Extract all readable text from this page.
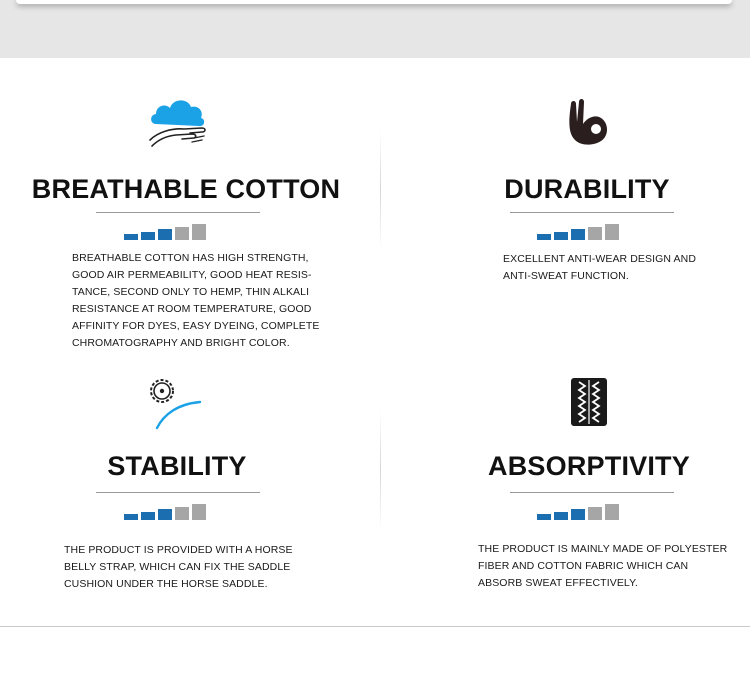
BREATHABLE COTTON
BREATHABLE COTTON HAS HIGH STRENGTH,
GOOD AIR PERMEABILITY, GOOD HEAT RESIS-
TANCE, SECOND ONLY TO HEMP, THIN ALKALI
RESISTANCE AT ROOM TEMPERATURE, GOOD
AFFINITY FOR DYES, EASY DYEING, COMPLETE
CHROMATOGRAPHY AND BRIGHT COLOR.
DURABILITY
EXCELLENT ANTI-WEAR DESIGN AND
ANTI-SWEAT FUNCTION.
STABILITY
THE PRODUCT IS PROVIDED WITH A HORSE
BELLY STRAP, WHICH CAN FIX THE SADDLE
CUSHION UNDER THE HORSE SADDLE.
ABSORPTIVITY
THE PRODUCT IS MAINLY MADE OF POLYESTER
FIBER AND COTTON FABRIC WHICH CAN
ABSORB SWEAT EFFECTIVELY.
